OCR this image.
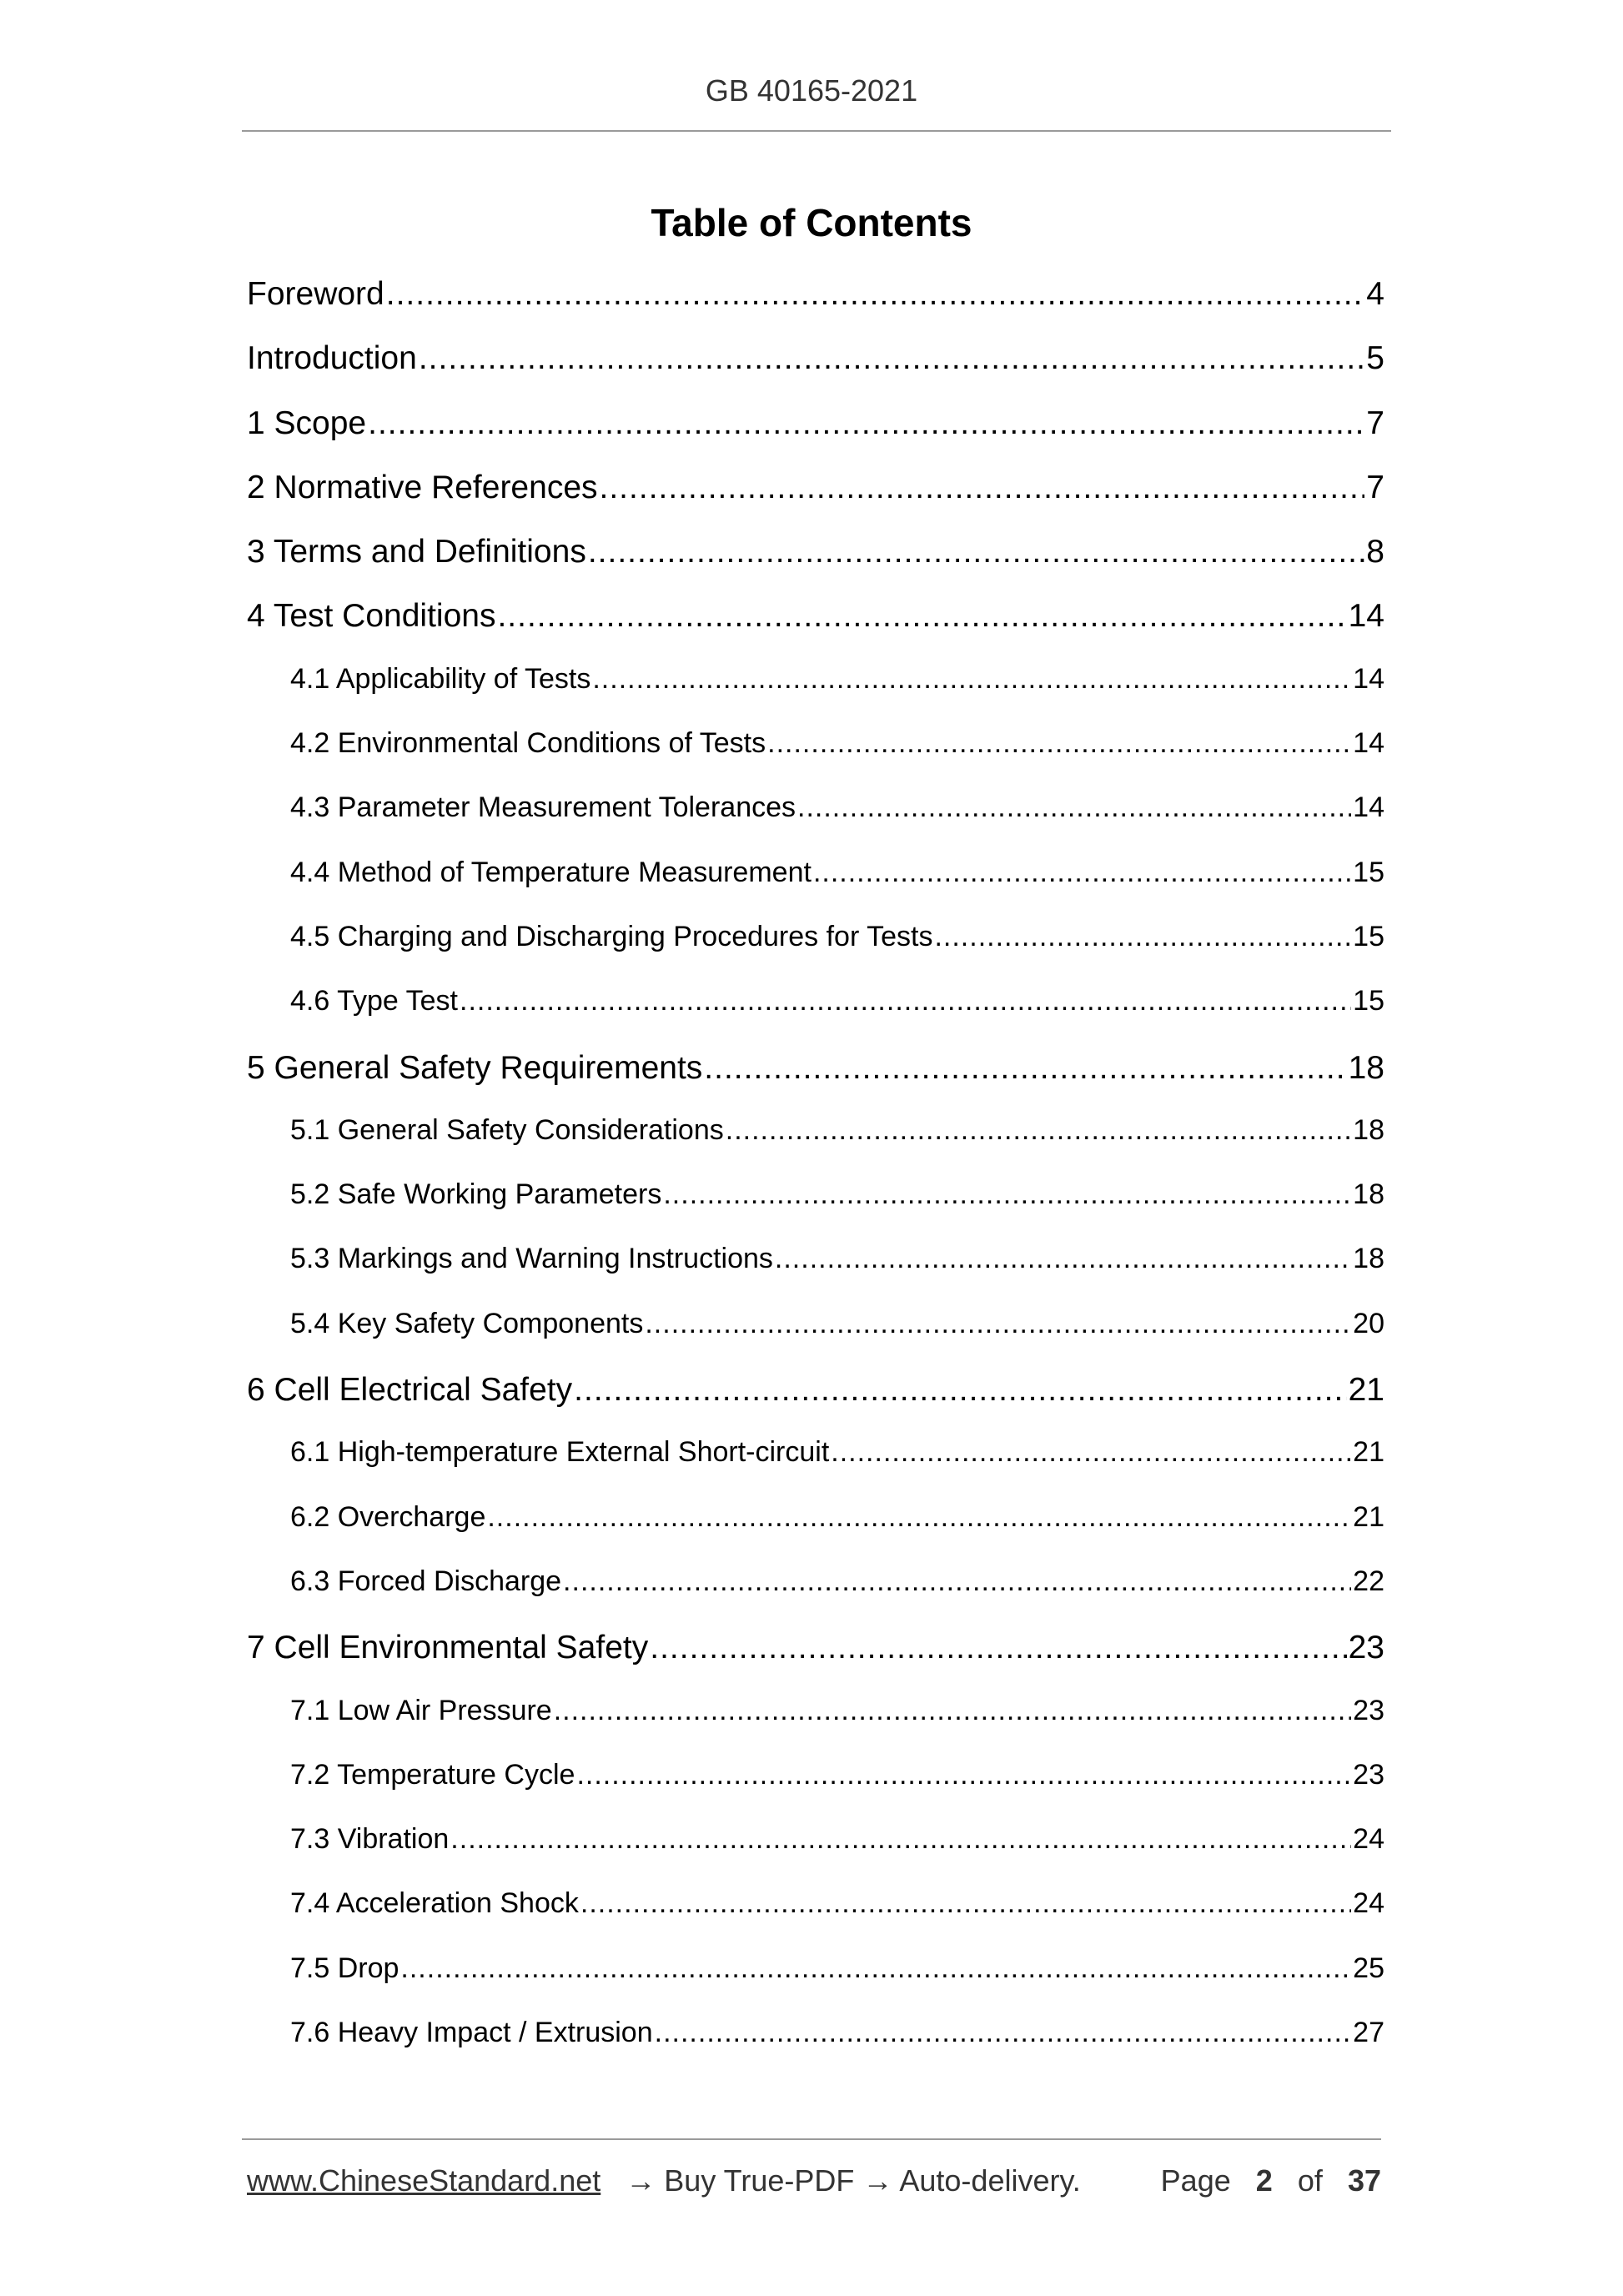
GB 40165-2021
Table of Contents
Foreword .....	4
Introduction .....	5
1 Scope .....	7
2 Normative References .....	7
3 Terms and Definitions .....	8
4 Test Conditions .....	14
4.1 Applicability of Tests .....	14
4.2 Environmental Conditions of Tests .....	14
4.3 Parameter Measurement Tolerances .....	14
4.4 Method of Temperature Measurement .....	15
4.5 Charging and Discharging Procedures for Tests .....	15
4.6 Type Test .....	15
5 General Safety Requirements .....	18
5.1 General Safety Considerations .....	18
5.2 Safe Working Parameters .....	18
5.3 Markings and Warning Instructions .....	18
5.4 Key Safety Components .....	20
6 Cell Electrical Safety .....	21
6.1 High-temperature External Short-circuit .....	21
6.2 Overcharge .....	21
6.3 Forced Discharge .....	22
7 Cell Environmental Safety .....	23
7.1 Low Air Pressure .....	23
7.2 Temperature Cycle .....	23
7.3 Vibration .....	24
7.4 Acceleration Shock .....	24
7.5 Drop .....	25
7.6 Heavy Impact / Extrusion .....	27
www.ChineseStandard.net → Buy True-PDF → Auto-delivery.	Page 2 of 37
